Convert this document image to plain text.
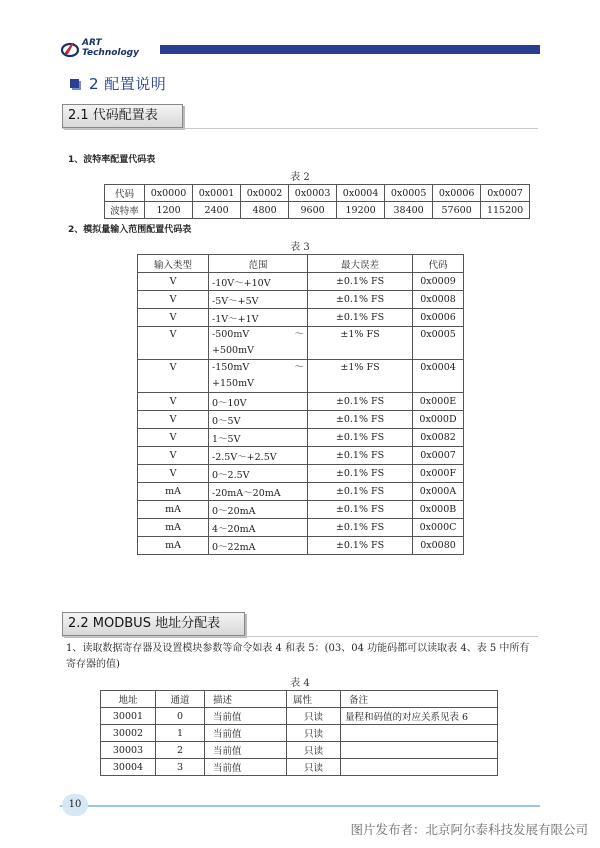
ART
Technology
2 配置说明
2.1 代码配置表
1、波特率配置代码表
表 2
代码	0x0000	0x0001	0x0002	0x0003	0x0004	0x0005	0x0006	0x0007
波特率	1200	2400	4800	9600	19200	38400	57600	115200
2、模拟量输入范围配置代码表
表 3
输入类型	范围	最大误差	代码
V	-10V～+10V	±0.1% FS	0x0009
V	-5V～+5V	±0.1% FS	0x0008
V	-1V～+1V	±0.1% FS	0x0006
V	-500mV ～
+500mV	±1% FS	0x0005
V	-150mV ～
+150mV	±1% FS	0x0004
V	0～10V	±0.1% FS	0x000E
V	0～5V	±0.1% FS	0x000D
V	1～5V	±0.1% FS	0x0082
V	-2.5V～+2.5V	±0.1% FS	0x0007
V	0～2.5V	±0.1% FS	0x000F
mA	-20mA～20mA	±0.1% FS	0x000A
mA	0～20mA	±0.1% FS	0x000B
mA	4～20mA	±0.1% FS	0x000C
mA	0～22mA	±0.1% FS	0x0080
2.2 MODBUS 地址分配表
1、读取数据寄存器及设置模块参数等命令如表 4 和表 5：(03、04 功能码都可以读取表 4、表 5 中所有寄存器的值)
表 4
地址	通道	描述	属性	备注
30001	0	当前值	只读	量程和码值的对应关系见表 6
30002	1	当前值	只读	
30003	2	当前值	只读	
30004	3	当前值	只读	
10
图片发布者：北京阿尔泰科技发展有限公司
